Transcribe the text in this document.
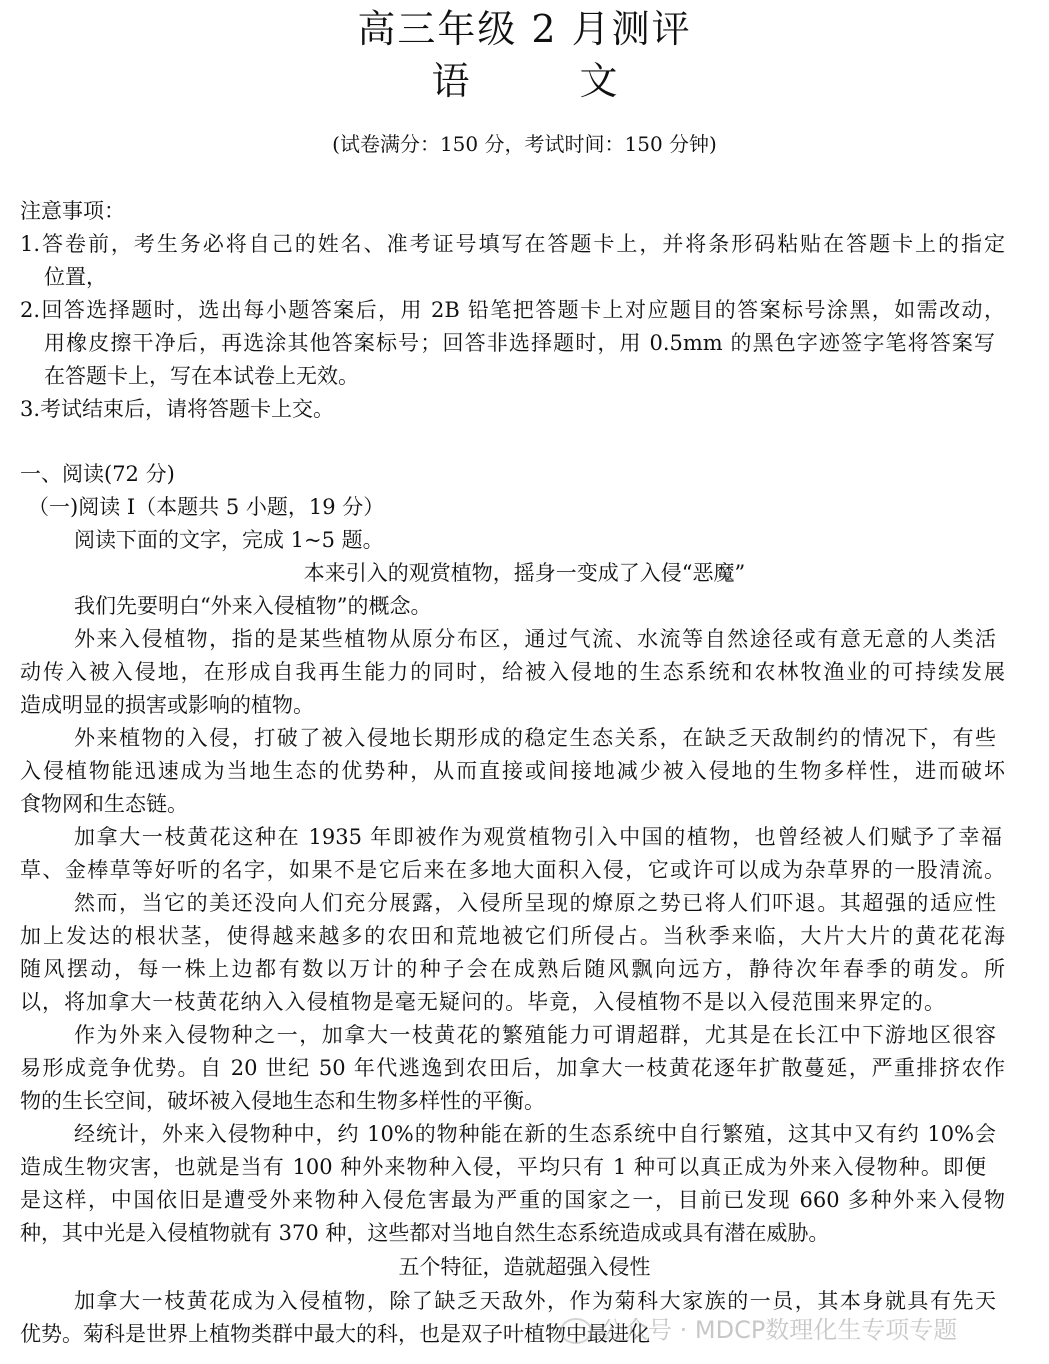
高三年级 2 月测评
语文
(试卷满分：150 分，考试时间：150 分钟)
注意事项：
1.答卷前，考生务必将自己的姓名、准考证号填写在答题卡上，并将条形码粘贴在答题卡上的指定
位置，
2.回答选择题时，选出每小题答案后，用 2B 铅笔把答题卡上对应题目的答案标号涂黑，如需改动，
用橡皮擦干净后，再选涂其他答案标号；回答非选择题时，用 0.5mm 的黑色字迹签字笔将答案写
在答题卡上，写在本试卷上无效。
3.考试结束后，请将答题卡上交。
一、阅读(72 分)
（一)阅读 I（本题共 5 小题，19 分）
阅读下面的文字，完成 1~5 题。
本来引入的观赏植物，摇身一变成了入侵“恶魔”
我们先要明白“外来入侵植物”的概念。
外来入侵植物，指的是某些植物从原分布区，通过气流、水流等自然途径或有意无意的人类活
动传入被入侵地，在形成自我再生能力的同时，给被入侵地的生态系统和农林牧渔业的可持续发展
造成明显的损害或影响的植物。
外来植物的入侵，打破了被入侵地长期形成的稳定生态关系，在缺乏天敌制约的情况下，有些
入侵植物能迅速成为当地生态的优势种，从而直接或间接地减少被入侵地的生物多样性，进而破坏
食物网和生态链。
加拿大一枝黄花这种在 1935 年即被作为观赏植物引入中国的植物，也曾经被人们赋予了幸福
草、金棒草等好听的名字，如果不是它后来在多地大面积入侵，它或许可以成为杂草界的一股清流。
然而，当它的美还没向人们充分展露，入侵所呈现的燎原之势已将人们吓退。其超强的适应性
加上发达的根状茎，使得越来越多的农田和荒地被它们所侵占。当秋季来临，大片大片的黄花花海
随风摆动，每一株上边都有数以万计的种子会在成熟后随风飘向远方，静待次年春季的萌发。所
以，将加拿大一枝黄花纳入入侵植物是毫无疑问的。毕竟，入侵植物不是以入侵范围来界定的。
作为外来入侵物种之一，加拿大一枝黄花的繁殖能力可谓超群，尤其是在长江中下游地区很容
易形成竞争优势。自 20 世纪 50 年代逃逸到农田后，加拿大一枝黄花逐年扩散蔓延，严重排挤农作
物的生长空间，破坏被入侵地生态和生物多样性的平衡。
经统计，外来入侵物种中，约 10%的物种能在新的生态系统中自行繁殖，这其中又有约 10%会
造成生物灾害，也就是当有 100 种外来物种入侵，平均只有 1 种可以真正成为外来入侵物种。即便
是这样，中国依旧是遭受外来物种入侵危害最为严重的国家之一，目前已发现 660 多种外来入侵物
种，其中光是入侵植物就有 370 种，这些都对当地自然生态系统造成或具有潜在威胁。
五个特征，造就超强入侵性
加拿大一枝黄花成为入侵植物，除了缺乏天敌外，作为菊科大家族的一员，其本身就具有先天
优势。菊科是世界上植物类群中最大的科，也是双子叶植物中最进化
公众号 · MDCP数理化生专项专题
